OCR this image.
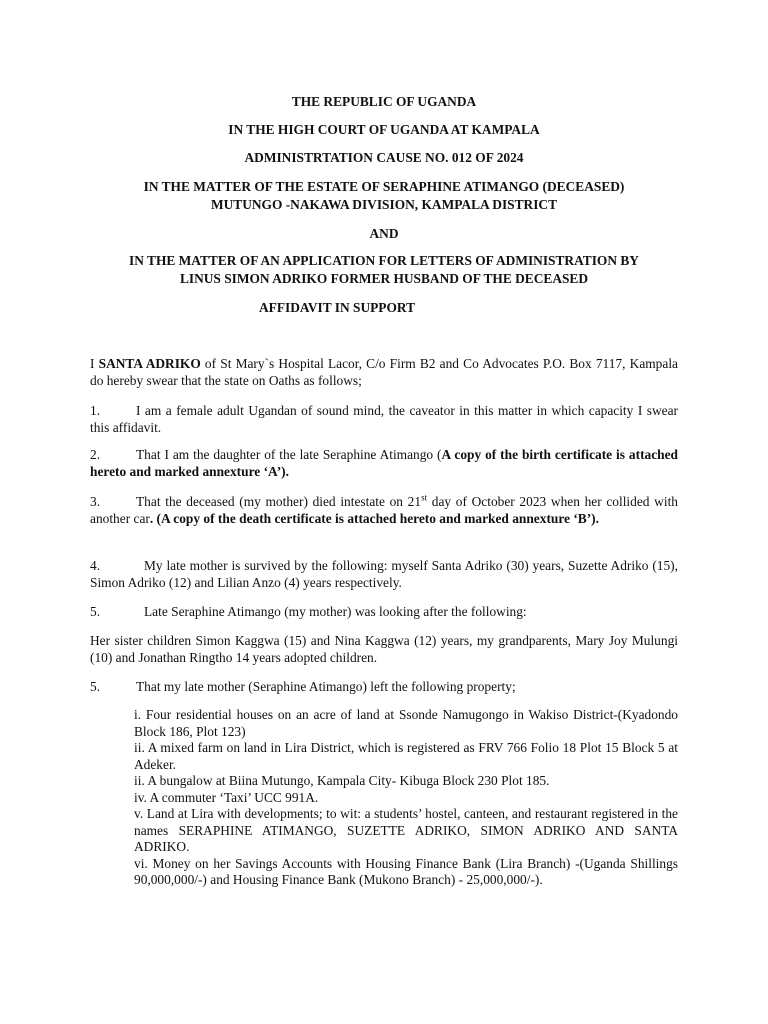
THE REPUBLIC OF UGANDA
IN THE HIGH COURT OF UGANDA AT KAMPALA
ADMINISTRTATION CAUSE NO. 012 OF 2024
IN THE MATTER OF THE ESTATE OF SERAPHINE ATIMANGO (DECEASED)
MUTUNGO -NAKAWA DIVISION, KAMPALA DISTRICT
AND
IN THE MATTER OF AN APPLICATION FOR LETTERS OF ADMINISTRATION BY
LINUS SIMON ADRIKO FORMER HUSBAND OF THE DECEASED
AFFIDAVIT IN SUPPORT
I SANTA ADRIKO of St Mary`s Hospital Lacor, C/o Firm B2 and Co Advocates P.O. Box 7117, Kampala do hereby swear that the state on Oaths as follows;
1.	I am a female adult Ugandan of sound mind, the caveator in this matter in which capacity I swear this affidavit.
2.	That I am the daughter of the late Seraphine Atimango (A copy of the birth certificate is attached hereto and marked annexture ‘A’).
3.	That the deceased (my mother) died intestate on 21st day of October 2023 when her collided with another car. (A copy of the death certificate is attached hereto and marked annexture ‘B’).
4.	My late mother is survived by the following: myself Santa Adriko (30) years, Suzette Adriko (15), Simon Adriko (12) and Lilian Anzo (4) years respectively.
5.	Late Seraphine Atimango (my mother) was looking after the following:
Her sister children Simon Kaggwa (15) and Nina Kaggwa (12) years, my grandparents, Mary Joy Mulungi (10) and Jonathan Ringtho 14 years adopted children.
5.	That my late mother (Seraphine Atimango) left the following property;
i. Four residential houses on an acre of land at Ssonde Namugongo in Wakiso District-(Kyadondo Block 186, Plot 123)
ii. A mixed farm on land in Lira District, which is registered as FRV 766 Folio 18 Plot 15 Block 5 at Adeker.
ii. A bungalow at Biina Mutungo, Kampala City- Kibuga Block 230 Plot 185.
iv. A commuter ‘Taxi’ UCC 991A.
v. Land at Lira with developments; to wit: a students’ hostel, canteen, and restaurant registered in the names SERAPHINE ATIMANGO, SUZETTE ADRIKO, SIMON ADRIKO AND SANTA ADRIKO.
vi. Money on her Savings Accounts with Housing Finance Bank (Lira Branch) -(Uganda Shillings 90,000,000/-) and Housing Finance Bank (Mukono Branch) - 25,000,000/-).
